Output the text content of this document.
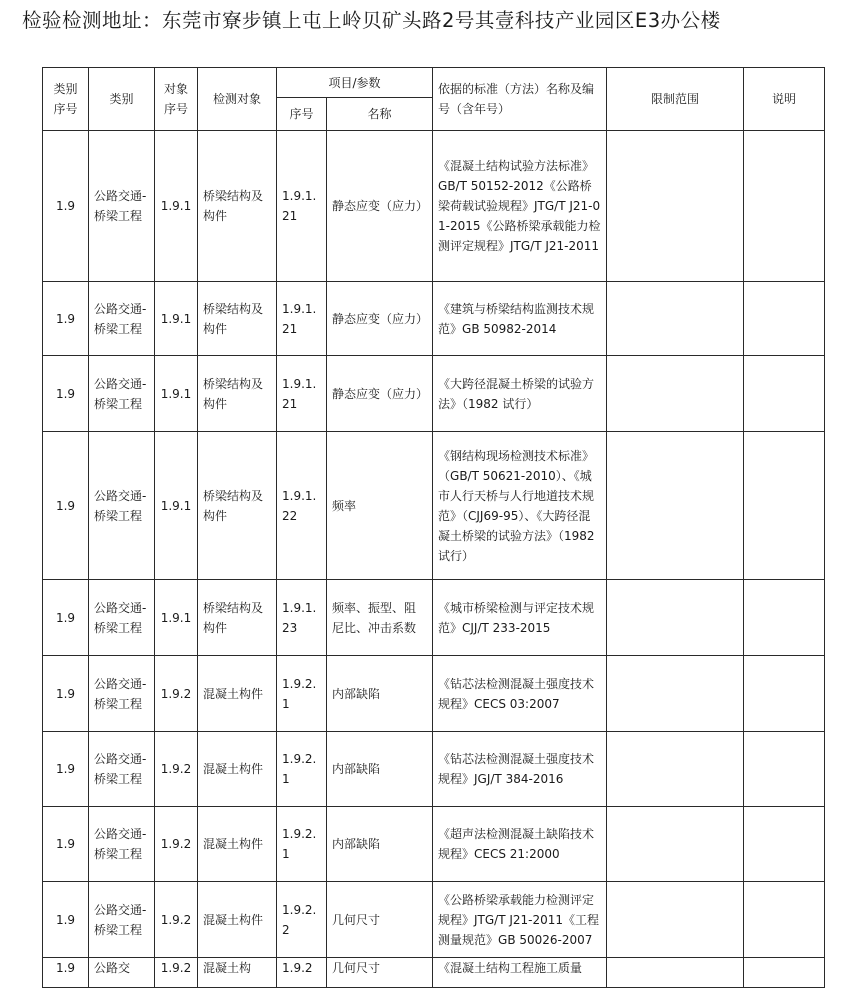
检验检测地址：东莞市寮步镇上屯上岭贝矿头路2号其壹科技产业园区E3办公楼
类别序号	类别	对象序号	检测对象	项目/参数		依据的标准（方法）名称及编号（含年号）	限制范围	说明
				序号	名称			
1.9	公路交通-桥梁工程	1.9.1	桥梁结构及构件	1.9.1.21	静态应变（应力）	《混凝土结构试验方法标准》GB/T 50152-2012《公路桥梁荷载试验规程》JTG/T J21-01-2015《公路桥梁承载能力检测评定规程》JTG/T J21-2011		
1.9	公路交通-桥梁工程	1.9.1	桥梁结构及构件	1.9.1.21	静态应变（应力）	《建筑与桥梁结构监测技术规范》GB 50982-2014		
1.9	公路交通-桥梁工程	1.9.1	桥梁结构及构件	1.9.1.21	静态应变（应力）	《大跨径混凝土桥梁的试验方法》（1982 试行）		
1.9	公路交通-桥梁工程	1.9.1	桥梁结构及构件	1.9.1.22	频率	《钢结构现场检测技术标准》（GB/T 50621-2010）、《城市人行天桥与人行地道技术规范》（CJJ69-95）、《大跨径混凝土桥梁的试验方法》（1982 试行）		
1.9	公路交通-桥梁工程	1.9.1	桥梁结构及构件	1.9.1.23	频率、振型、阻尼比、冲击系数	《城市桥梁检测与评定技术规范》CJJ/T 233-2015		
1.9	公路交通-桥梁工程	1.9.2	混凝土构件	1.9.2.1	内部缺陷	《钻芯法检测混凝土强度技术规程》CECS 03:2007		
1.9	公路交通-桥梁工程	1.9.2	混凝土构件	1.9.2.1	内部缺陷	《钻芯法检测混凝土强度技术规程》JGJ/T 384-2016		
1.9	公路交通-桥梁工程	1.9.2	混凝土构件	1.9.2.1	内部缺陷	《超声法检测混凝土缺陷技术规程》CECS 21:2000		
1.9	公路交通-桥梁工程	1.9.2	混凝土构件	1.9.2.2	几何尺寸	《公路桥梁承载能力检测评定规程》JTG/T J21-2011《工程测量规范》GB 50026-2007		
1.9	公路交	1.9.2	混凝土构	1.9.2	几何尺寸	《混凝土结构工程施工质量		
